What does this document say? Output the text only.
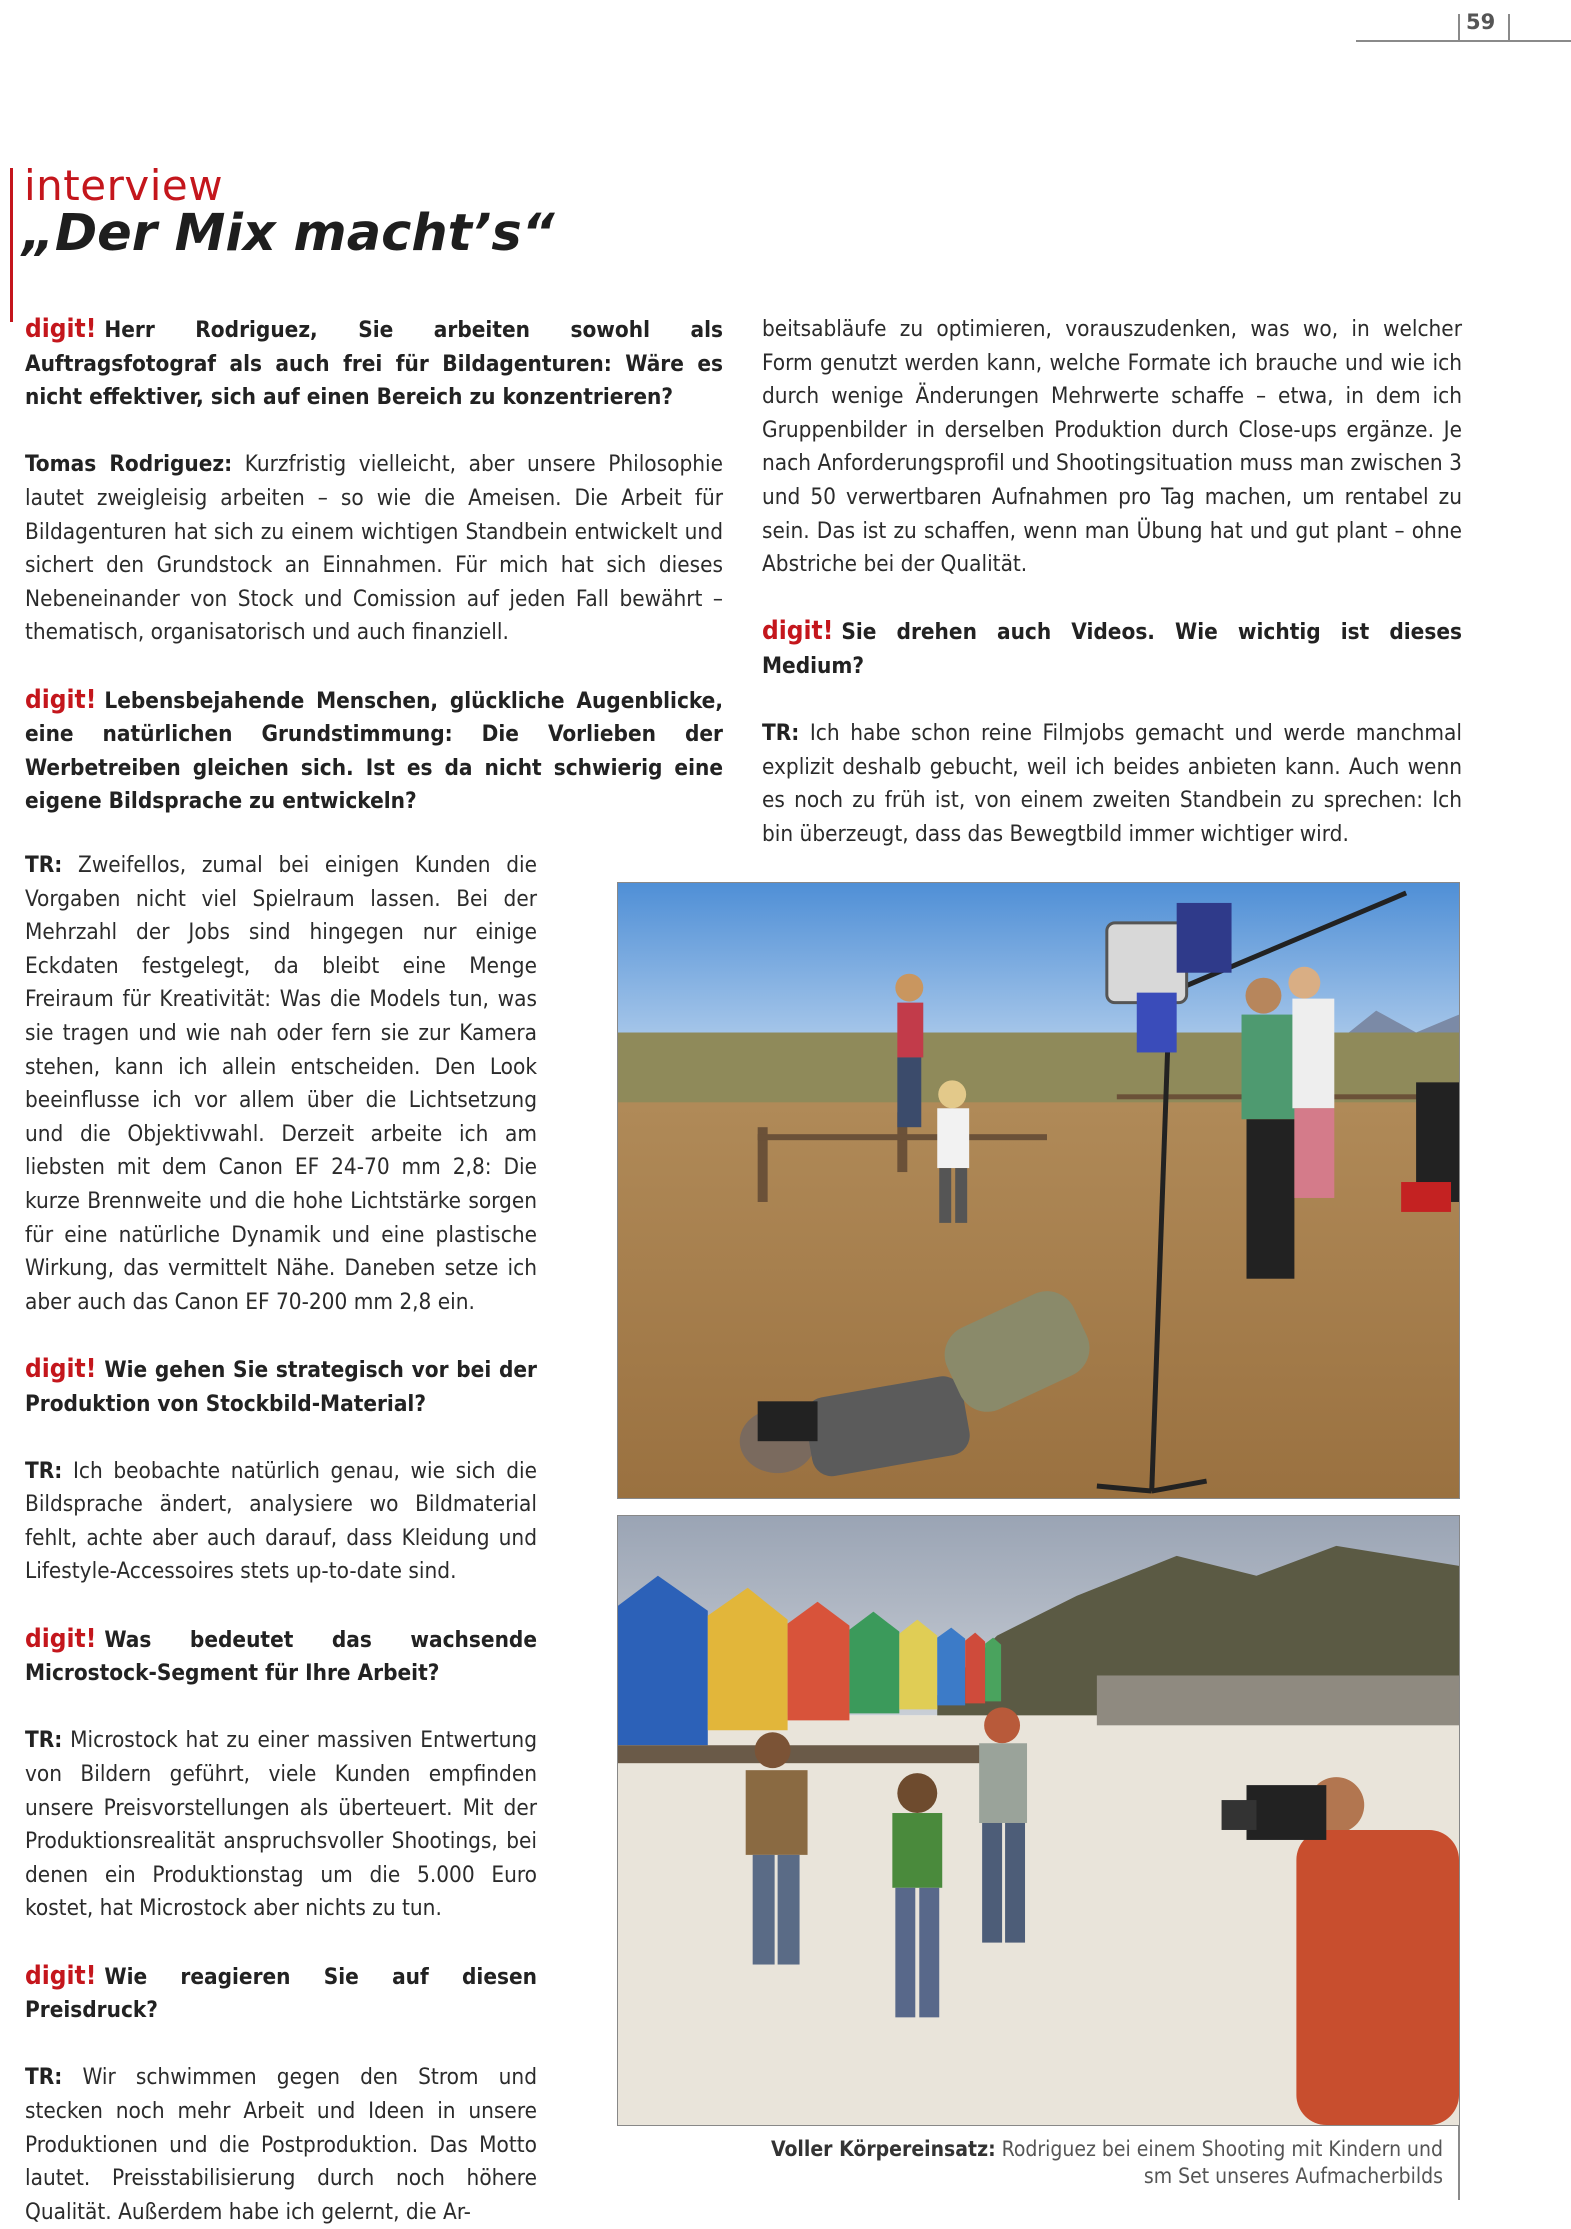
59
interview
„Der Mix macht’s“

digit! Herr Rodriguez, Sie arbeiten sowohl als Auftragsfotograf als auch frei für Bildagenturen: Wäre es nicht effektiver, sich auf einen Bereich zu konzentrieren?

Tomas Rodriguez: Kurzfristig vielleicht, aber unsere Philosophie lautet zweigleisig arbeiten – so wie die Ameisen. Die Arbeit für Bildagenturen hat sich zu einem wichtigen Standbein entwickelt und sichert den Grundstock an Einnahmen. Für mich hat sich dieses Nebeneinander von Stock und Comission auf jeden Fall bewährt – thematisch, organisatorisch und auch finanziell.

digit! Lebensbejahende Menschen, glückliche Augenblicke, eine natürlichen Grundstimmung: Die Vorlieben der Werbetreiben gleichen sich. Ist es da nicht schwierig eine eigene Bildsprache zu entwickeln?

beitsabläufe zu optimieren, vorauszudenken, was wo, in welcher Form genutzt werden kann, welche Formate ich brauche und wie ich durch wenige Änderungen Mehrwerte schaffe – etwa, in dem ich Gruppenbilder in derselben Produktion durch Close-ups ergänze. Je nach Anforderungsprofil und Shootingsituation muss man zwischen 3 und 50 verwertbaren Aufnahmen pro Tag machen, um rentabel zu sein. Das ist zu schaffen, wenn man Übung hat und gut plant – ohne Abstriche bei der Qualität.

digit! Sie drehen auch Videos. Wie wichtig ist dieses Medium?

TR: Ich habe schon reine Filmjobs gemacht und werde manchmal explizit deshalb gebucht, weil ich beides anbieten kann. Auch wenn es noch zu früh ist, von einem zweiten Standbein zu sprechen: Ich bin überzeugt, dass das Bewegtbild immer wichtiger wird.

TR: Zweifellos, zumal bei einigen Kunden die Vorgaben nicht viel Spielraum lassen. Bei der Mehrzahl der Jobs sind hingegen nur einige Eckdaten festgelegt, da bleibt eine Menge Freiraum für Kreativität: Was die Models tun, was sie tragen und wie nah oder fern sie zur Kamera stehen, kann ich allein entscheiden. Den Look beeinflusse ich vor allem über die Lichtsetzung und die Objektivwahl. Derzeit arbeite ich am liebsten mit dem Canon EF 24-70 mm 2,8: Die kurze Brennweite und die hohe Lichtstärke sorgen für eine natürliche Dynamik und eine plastische Wirkung, das vermittelt Nähe. Daneben setze ich aber auch das Canon EF 70-200 mm 2,8 ein.

digit! Wie gehen Sie strategisch vor bei der Produktion von Stockbild-Material?

TR: Ich beobachte natürlich genau, wie sich die Bildsprache ändert, analysiere wo Bildmaterial fehlt, achte aber auch darauf, dass Kleidung und Lifestyle-Accessoires stets up-to-date sind.

digit! Was bedeutet das wachsende Microstock-Segment für Ihre Arbeit?

TR: Microstock hat zu einer massiven Entwertung von Bildern geführt, viele Kunden empfinden unsere Preisvorstellungen als überteuert. Mit der Produktionsrealität anspruchsvoller Shootings, bei denen ein Produktionstag um die 5.000 Euro kostet, hat Microstock aber nichts zu tun.

digit! Wie reagieren Sie auf diesen Preisdruck?

TR: Wir schwimmen gegen den Strom und stecken noch mehr Arbeit und Ideen in unsere Produktionen und die Postproduktion. Das Motto lautet. Preisstabilisierung durch noch höhere Qualität. Außerdem habe ich gelernt, die Ar-

Voller Körpereinsatz: Rodriguez bei einem Shooting mit Kindern und sm Set unseres Aufmacherbilds
